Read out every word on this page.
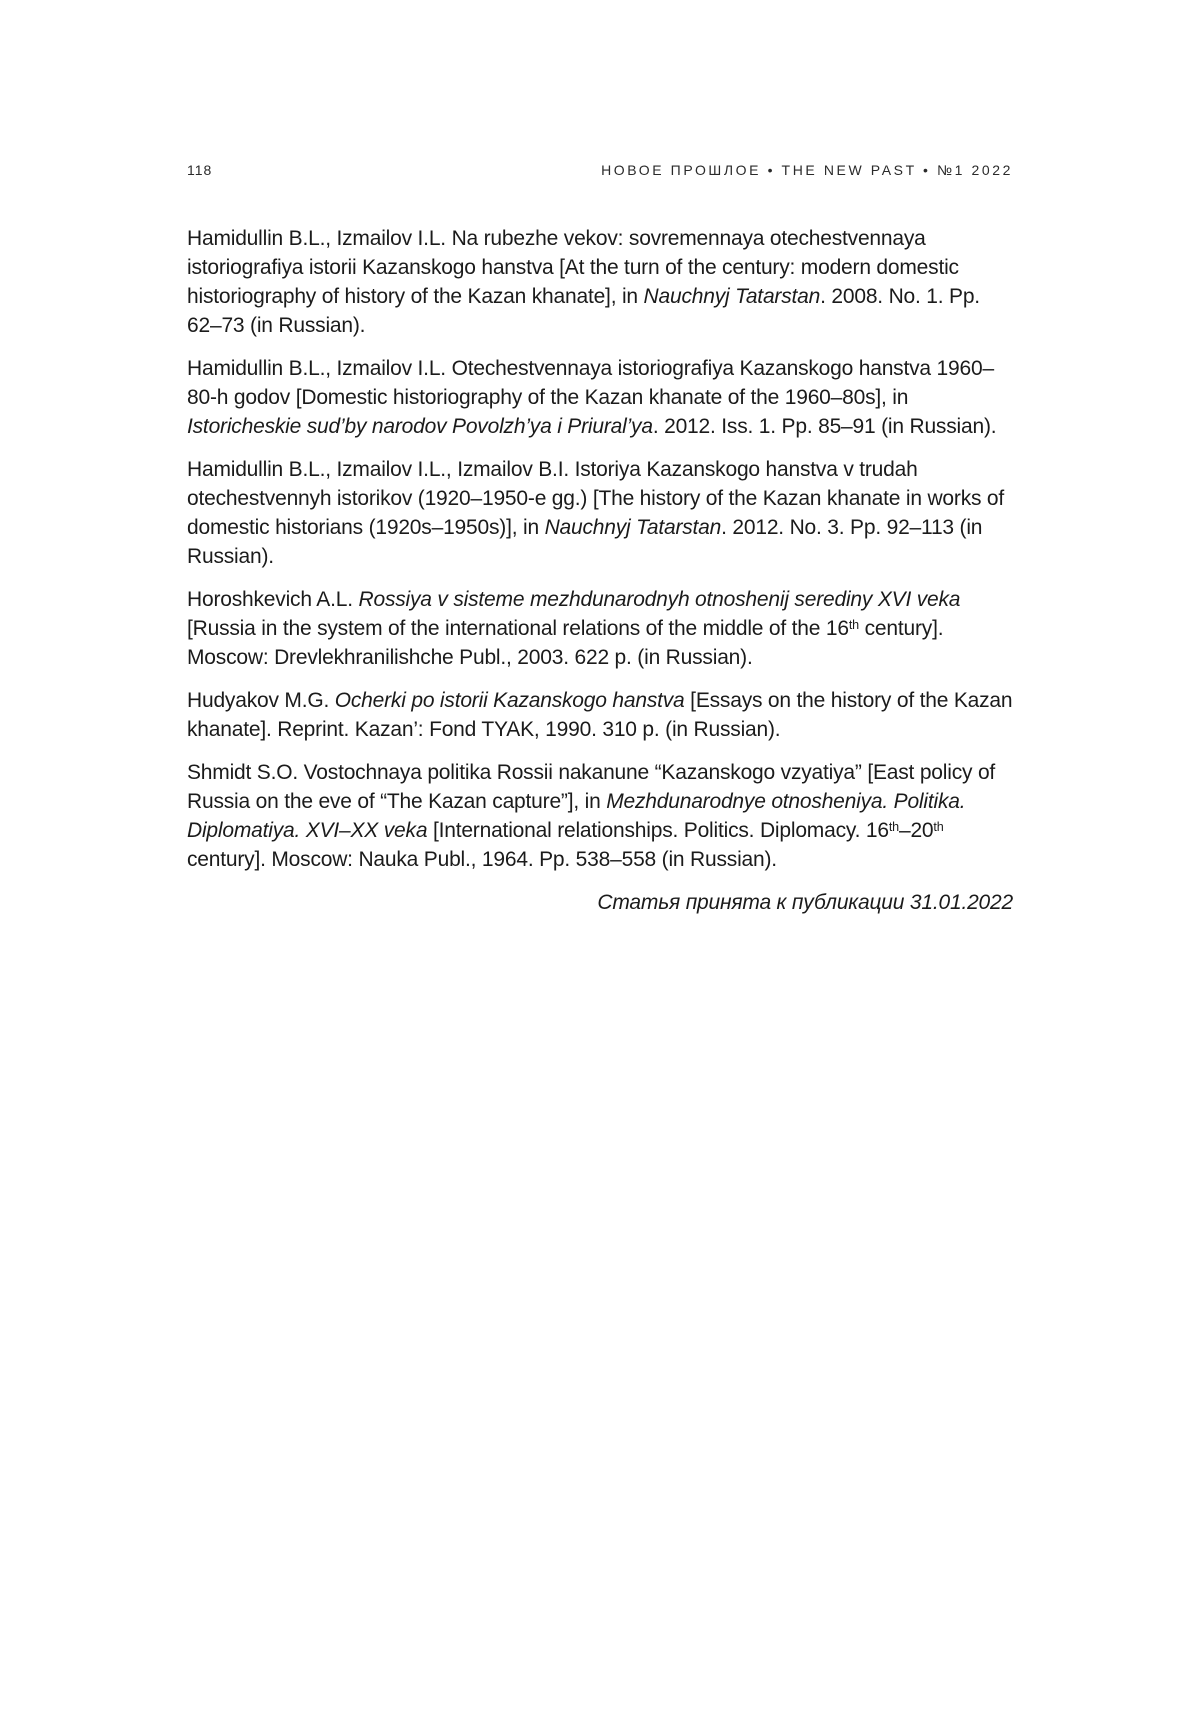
118	НОВОЕ ПРОШЛОЕ • THE NEW PAST • №1 2022

Hamidullin B.L., Izmailov I.L. Na rubezhe vekov: sovremennaya otechestvennaya istoriografiya istorii Kazanskogo hanstva [At the turn of the century: modern domestic historiography of history of the Kazan khanate], in Nauchnyj Tatarstan. 2008. No. 1. Pp. 62–73 (in Russian).

Hamidullin B.L., Izmailov I.L. Otechestvennaya istoriografiya Kazanskogo hanstva 1960–80-h godov [Domestic historiography of the Kazan khanate of the 1960–80s], in Istoricheskie sud’by narodov Povolzh’ya i Priural’ya. 2012. Iss. 1. Pp. 85–91 (in Russian).

Hamidullin B.L., Izmailov I.L., Izmailov B.I. Istoriya Kazanskogo hanstva v trudah otechestvennyh istorikov (1920–1950-e gg.) [The history of the Kazan khanate in works of domestic historians (1920s–1950s)], in Nauchnyj Tatarstan. 2012. No. 3. Pp. 92–113 (in Russian).

Horoshkevich A.L. Rossiya v sisteme mezhdunarodnyh otnoshenij serediny XVI veka [Russia in the system of the international relations of the middle of the 16th century]. Moscow: Drevlekhranilishche Publ., 2003. 622 p. (in Russian).

Hudyakov M.G. Ocherki po istorii Kazanskogo hanstva [Essays on the history of the Kazan khanate]. Reprint. Kazan’: Fond TYAK, 1990. 310 p. (in Russian).

Shmidt S.O. Vostochnaya politika Rossii nakanune “Kazanskogo vzyatiya” [East policy of Russia on the eve of “The Kazan capture”], in Mezhdunarodnye otnosheniya. Politika. Diplomatiya. XVI–XX veka [International relationships. Politics. Diplomacy. 16th–20th century]. Moscow: Nauka Publ., 1964. Pp. 538–558 (in Russian).

Статья принята к публикации 31.01.2022
